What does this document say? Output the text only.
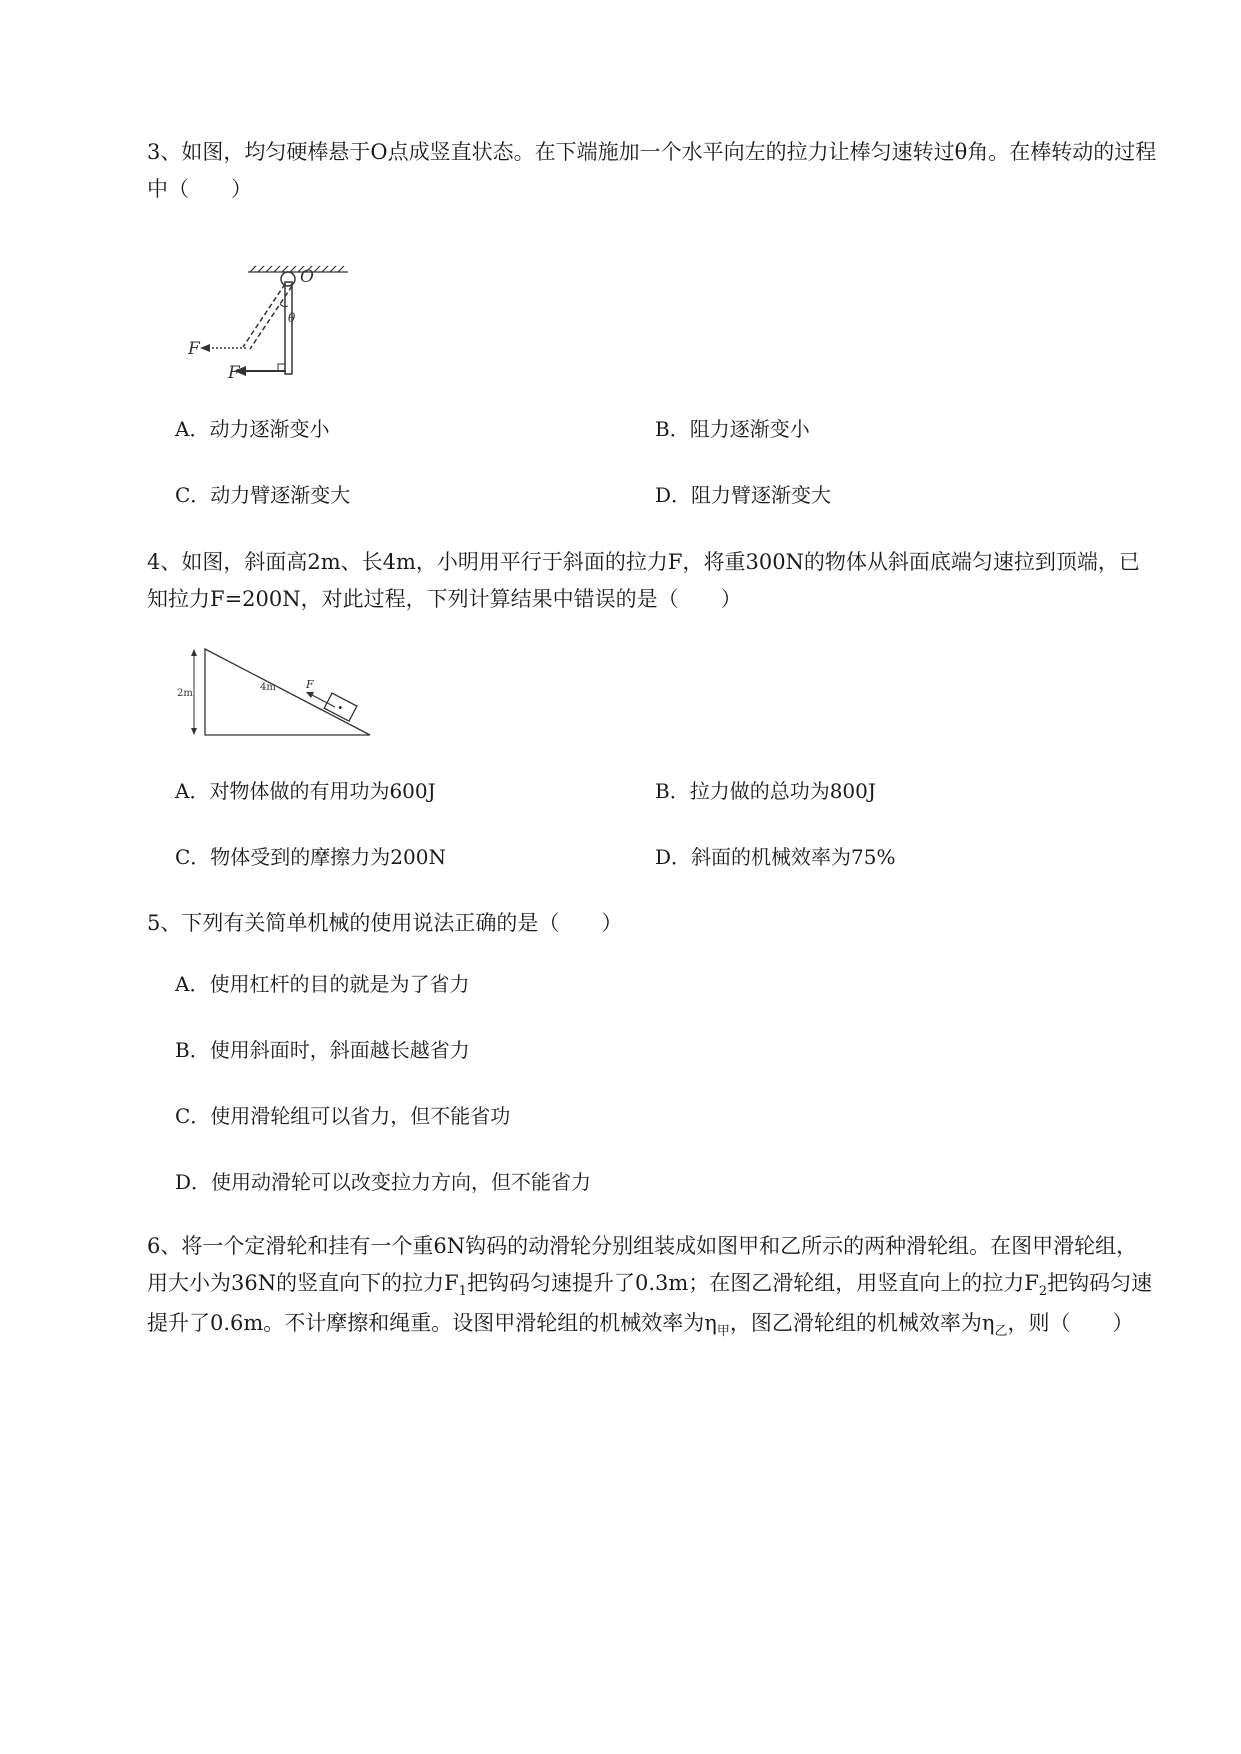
3、如图，均匀硬棒悬于O点成竖直状态。在下端施加一个水平向左的拉力让棒匀速转过θ角。在棒转动的过程中（　　）
θ
O
F
F
A．动力逐渐变小	B．阻力逐渐变小
C．动力臂逐渐变大	D．阻力臂逐渐变大
4、如图，斜面高2m、长4m，小明用平行于斜面的拉力F，将重300N的物体从斜面底端匀速拉到顶端，已知拉力F=200N，对此过程，下列计算结果中错误的是（　　）
2m
4m	F
A．对物体做的有用功为600J	B．拉力做的总功为800J
C．物体受到的摩擦力为200N	D．斜面的机械效率为75%
5、下列有关简单机械的使用说法正确的是（　　）
A．使用杠杆的目的就是为了省力
B．使用斜面时，斜面越长越省力
C．使用滑轮组可以省力，但不能省功
D．使用动滑轮可以改变拉力方向，但不能省力
6、将一个定滑轮和挂有一个重6N钩码的动滑轮分别组装成如图甲和乙所示的两种滑轮组。在图甲滑轮组，用大小为36N的竖直向下的拉力$F_1$把钩码匀速提升了0.3m；在图乙滑轮组，用竖直向上的拉力$F_2$把钩码匀速提升了0.6m。不计摩擦和绳重。设图甲滑轮组的机械效率为$\eta_甲$，图乙滑轮组的机械效率为$\eta_乙$，则（　　）
